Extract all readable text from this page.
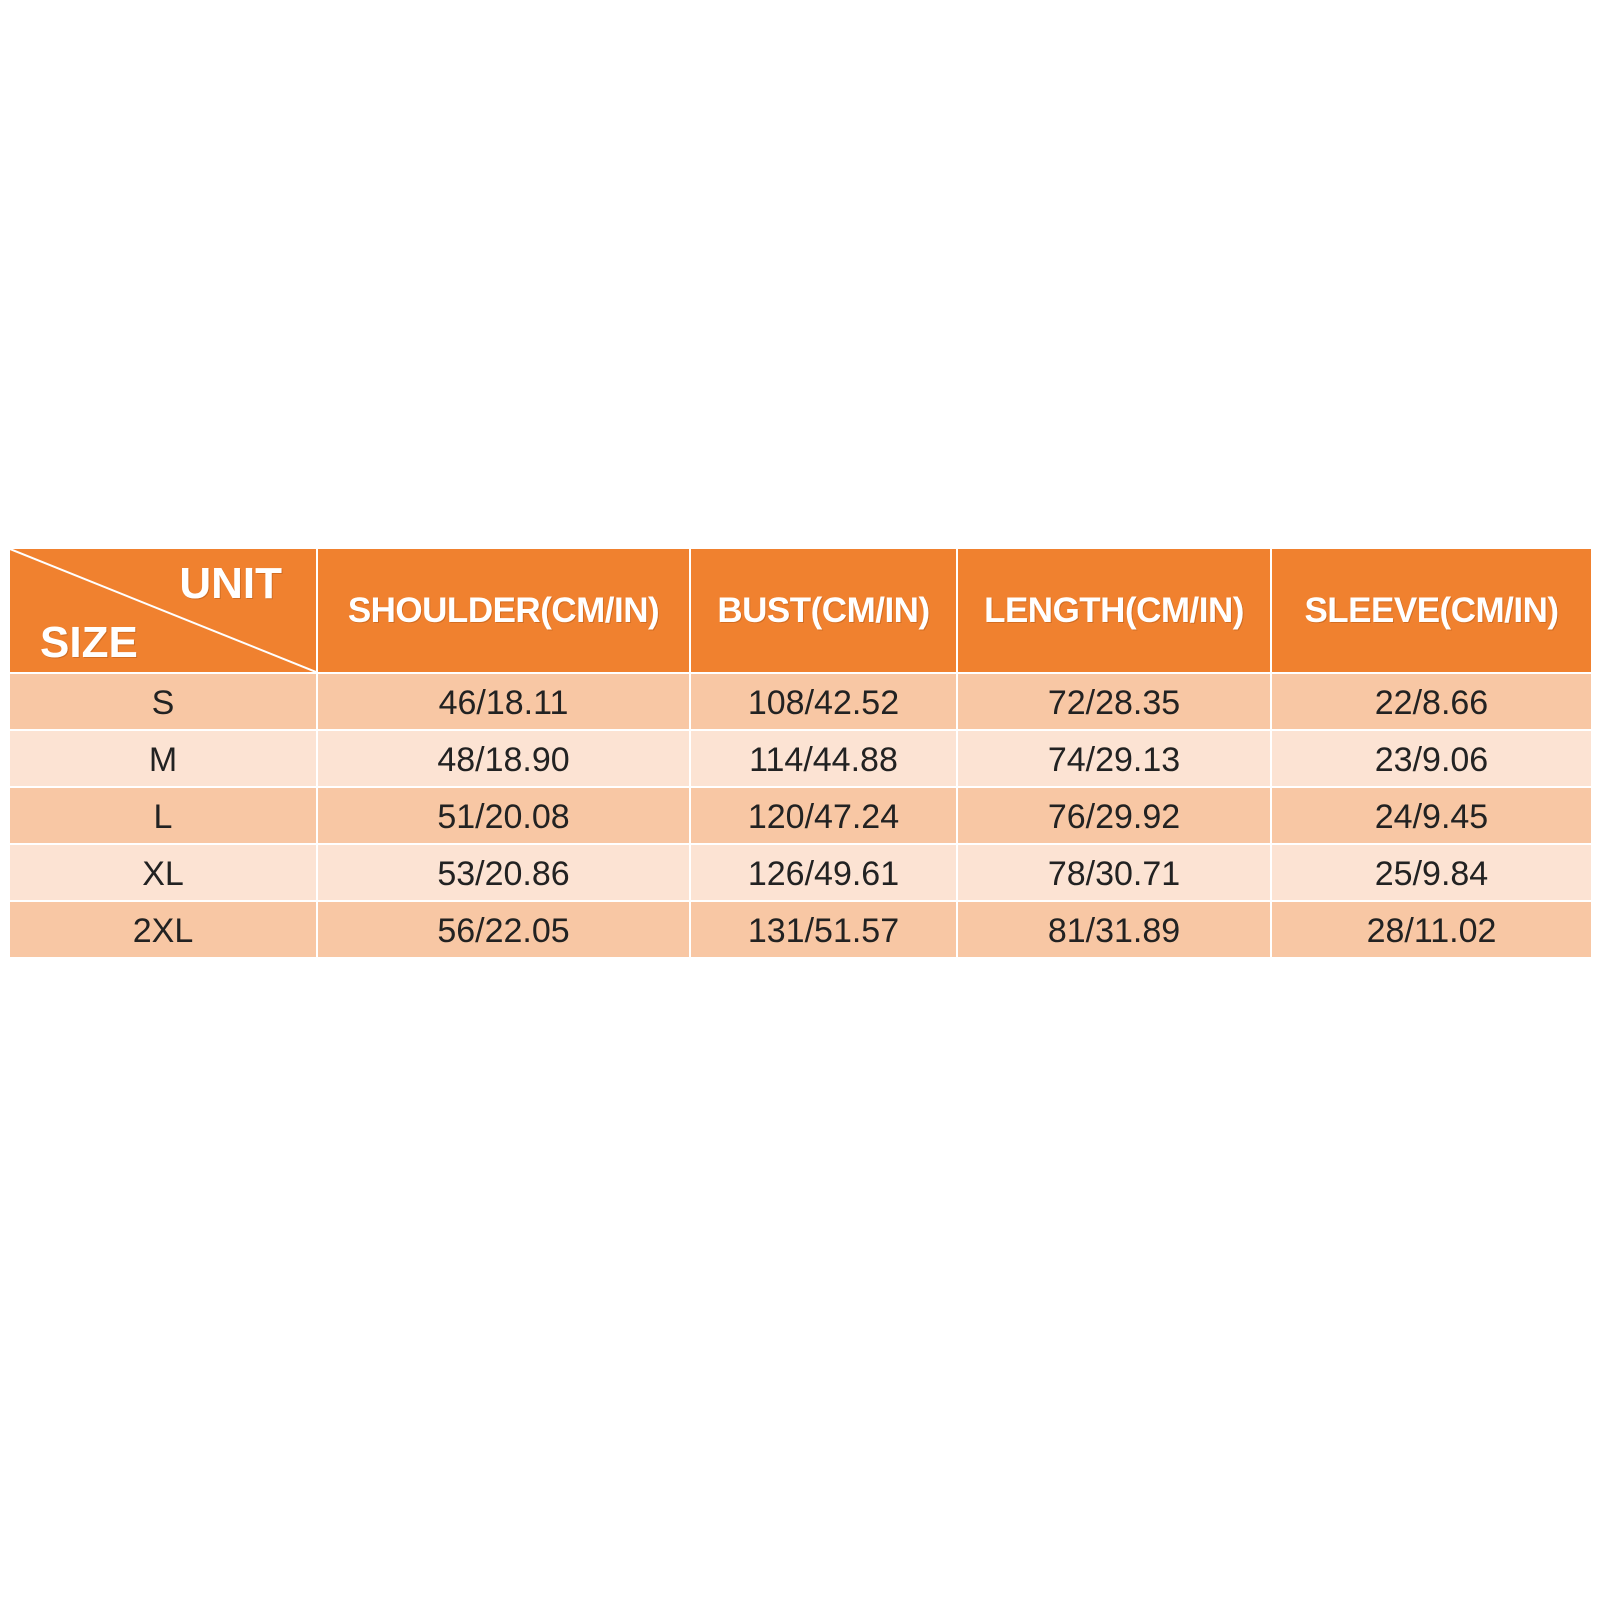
UNIT
SIZE
SHOULDER(CM/IN)	BUST(CM/IN)	LENGTH(CM/IN)	SLEEVE(CM/IN)
S	46/18.11	108/42.52	72/28.35	22/8.66
M	48/18.90	114/44.88	74/29.13	23/9.06
L	51/20.08	120/47.24	76/29.92	24/9.45
XL	53/20.86	126/49.61	78/30.71	25/9.84
2XL	56/22.05	131/51.57	81/31.89	28/11.02
